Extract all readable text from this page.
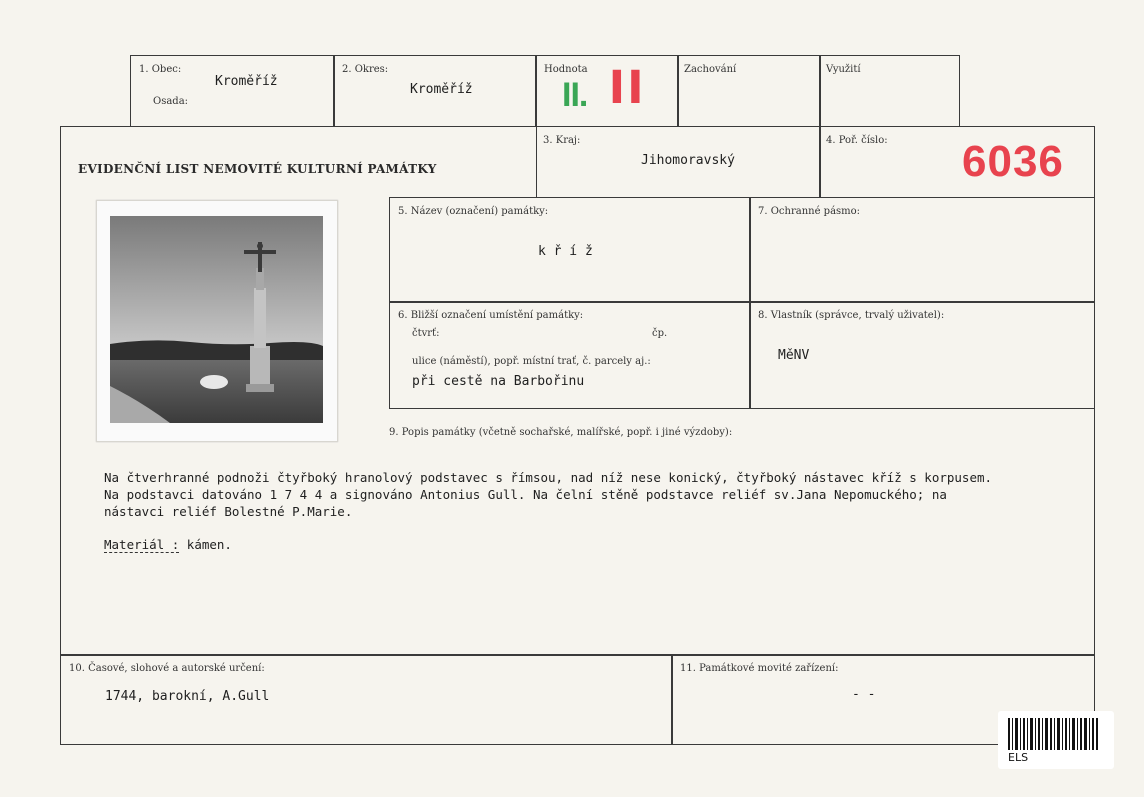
1. Obec:
Kroměříž
Osada:
2. Okres:
Kroměříž
Hodnota
II. II	Zachování	Využití
EVIDENČNÍ LIST NEMOVITÉ KULTURNÍ PAMÁTKY
3. Kraj:
Jihomoravský
4. Poř. číslo: 6036
5. Název (označení) památky:
k ř í ž
7. Ochranné pásmo:
6. Bližší označení umístění památky:
čtvrť:	čp.
ulice (náměstí), popř. místní trať, č. parcely aj.:
při cestě na Barbořinu
8. Vlastník (správce, trvalý uživatel):
MěNV
9. Popis památky (včetně sochařské, malířské, popř. i jiné výzdoby):
Na čtverhranné podnoži čtyřboký hranolový podstavec s římsou, nad níž nese konický, čtyřboký nástavec kříž s korpusem.
Na podstavci datováno 1 7 4 4 a signováno Antonius Gull. Na čelní stěně podstavce reliéf sv.Jana Nepomuckého; na
nástavci reliéf Bolestné P.Marie.
Materiál : kámen.
10. Časové, slohové a autorské určení:
1744, barokní, A.Gull
11. Památkové movité zařízení:
- -
ELS
